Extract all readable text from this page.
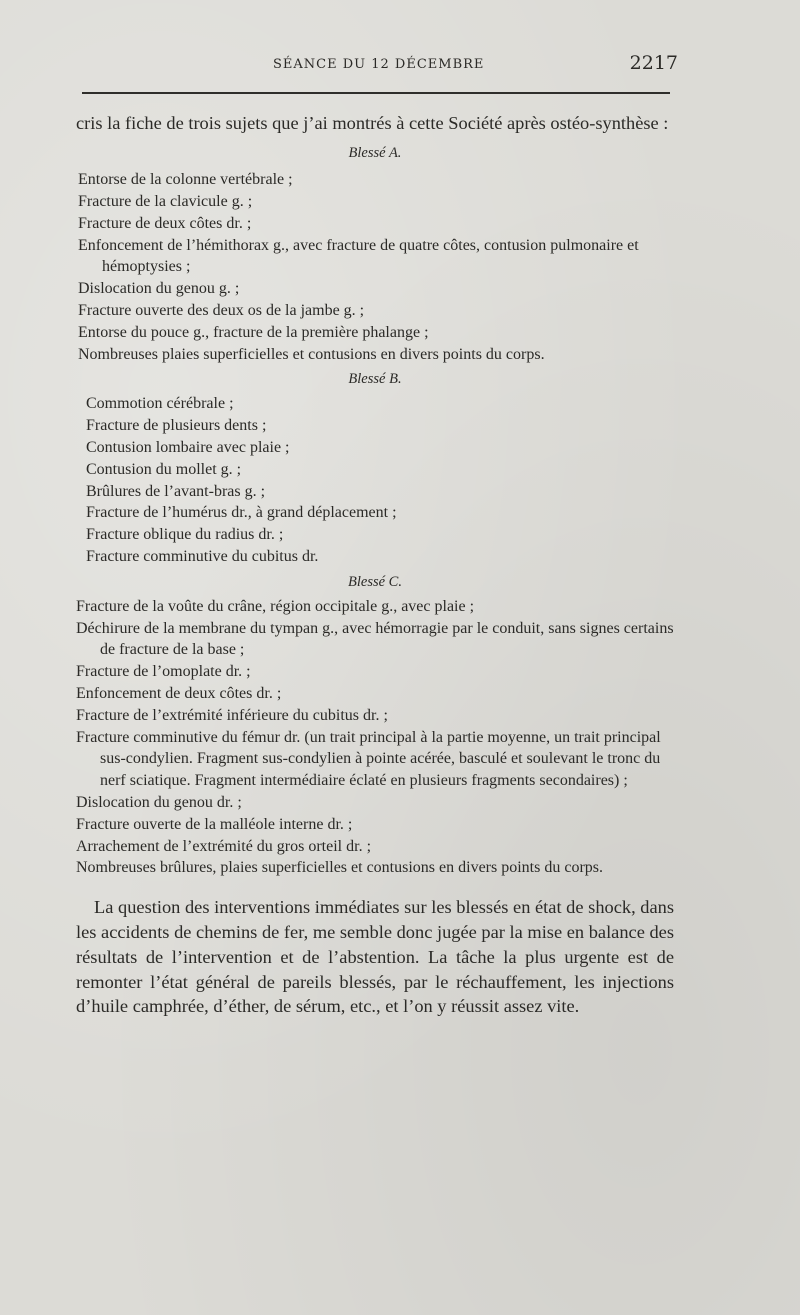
SÉANCE DU 12 DÉCEMBRE	2217

cris la fiche de trois sujets que j’ai montrés à cette Société après ostéo-synthèse :

Blessé A.

Entorse de la colonne vertébrale ;
Fracture de la clavicule g. ;
Fracture de deux côtes dr. ;
Enfoncement de l’hémithorax g., avec fracture de quatre côtes, contusion pulmonaire et hémoptysies ;
Dislocation du genou g. ;
Fracture ouverte des deux os de la jambe g. ;
Entorse du pouce g., fracture de la première phalange ;
Nombreuses plaies superficielles et contusions en divers points du corps.

Blessé B.

Commotion cérébrale ;
Fracture de plusieurs dents ;
Contusion lombaire avec plaie ;
Contusion du mollet g. ;
Brûlures de l’avant-bras g. ;
Fracture de l’humérus dr., à grand déplacement ;
Fracture oblique du radius dr. ;
Fracture comminutive du cubitus dr.

Blessé C.

Fracture de la voûte du crâne, région occipitale g., avec plaie ;
Déchirure de la membrane du tympan g., avec hémorragie par le conduit, sans signes certains de fracture de la base ;
Fracture de l’omoplate dr. ;
Enfoncement de deux côtes dr. ;
Fracture de l’extrémité inférieure du cubitus dr. ;
Fracture comminutive du fémur dr. (un trait principal à la partie moyenne, un trait principal sus-condylien. Fragment sus-condylien à pointe acérée, basculé et soulevant le tronc du nerf sciatique. Fragment intermédiaire éclaté en plusieurs fragments secondaires) ;
Dislocation du genou dr. ;
Fracture ouverte de la malléole interne dr. ;
Arrachement de l’extrémité du gros orteil dr. ;
Nombreuses brûlures, plaies superficielles et contusions en divers points du corps.

La question des interventions immédiates sur les blessés en état de shock, dans les accidents de chemins de fer, me semble donc jugée par la mise en balance des résultats de l’intervention et de l’abstention. La tâche la plus urgente est de remonter l’état général de pareils blessés, par le réchauffement, les injections d’huile camphrée, d’éther, de sérum, etc., et l’on y réussit assez vite.
